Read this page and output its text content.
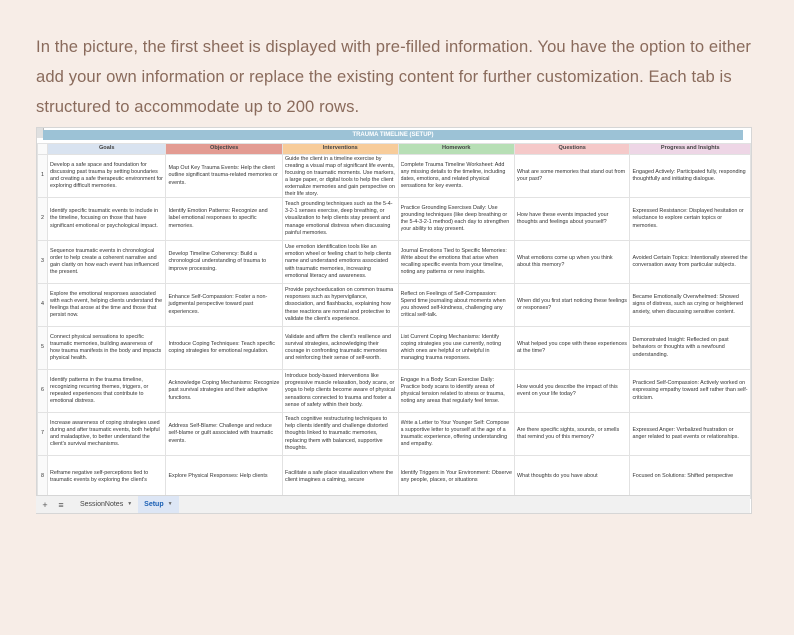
In the picture, the first sheet is displayed with pre-filled information. You have the option to either add your own information or replace the existing content for further customization. Each tab is structured to accommodate up to 200 rows.
TRAUMA TIMELINE (SETUP)
	Goals	Objectives	Interventions	Homework	Questions	Progress and Insights
1	Develop a safe space and foundation for discussing past trauma by setting boundaries and creating a safe therapeutic environment for exploring difficult memories.	Map Out Key Trauma Events: Help the client outline significant trauma-related memories or events.	Guide the client in a timeline exercise by creating a visual map of significant life events, focusing on traumatic moments. Use markers, a large paper, or digital tools to help the client externalize memories and gain perspective on their life story.	Complete Trauma Timeline Worksheet: Add any missing details to the timeline, including dates, emotions, and related physical sensations for key events.	What are some memories that stand out from your past?	Engaged Actively: Participated fully, responding thoughtfully and initiating dialogue.

2	Identify specific traumatic events to include in the timeline, focusing on those that have significant emotional or psychological impact.	Identify Emotion Patterns: Recognize and label emotional responses to specific memories.	Teach grounding techniques such as the 5-4-3-2-1 senses exercise, deep breathing, or visualization to help clients stay present and manage emotional distress when discussing painful memories.	Practice Grounding Exercises Daily: Use grounding techniques (like deep breathing or the 5-4-3-2-1 method) each day to strengthen your ability to stay present.	How have these events impacted your thoughts and feelings about yourself?	Expressed Resistance: Displayed hesitation or reluctance to explore certain topics or memories.

3	Sequence traumatic events in chronological order to help create a coherent narrative and gain clarity on how each event has influenced the present.	Develop Timeline Coherency: Build a chronological understanding of trauma to improve processing.	Use emotion identification tools like an emotion wheel or feeling chart to help clients name and understand emotions associated with traumatic memories, increasing emotional literacy and awareness.	Journal Emotions Tied to Specific Memories: Write about the emotions that arise when recalling specific events from your timeline, noting any patterns or new insights.	What emotions come up when you think about this memory?	Avoided Certain Topics: Intentionally steered the conversation away from particular subjects.

4	Explore the emotional responses associated with each event, helping clients understand the feelings that arose at the time and those that persist now.	Enhance Self-Compassion: Foster a non-judgmental perspective toward past experiences.	Provide psychoeducation on common trauma responses such as hypervigilance, dissociation, and flashbacks, explaining how these reactions are normal and protective to validate the client's experience.	Reflect on Feelings of Self-Compassion: Spend time journaling about moments when you showed self-kindness, challenging any critical self-talk.	When did you first start noticing these feelings or responses?	Became Emotionally Overwhelmed: Showed signs of distress, such as crying or heightened anxiety, when discussing sensitive content.

5	Connect physical sensations to specific traumatic memories, building awareness of how trauma manifests in the body and impacts physical health.	Introduce Coping Techniques: Teach specific coping strategies for emotional regulation.	Validate and affirm the client's resilience and survival strategies, acknowledging their courage in confronting traumatic memories and reinforcing their sense of self-worth.	List Current Coping Mechanisms: Identify coping strategies you use currently, noting which ones are helpful or unhelpful in managing trauma responses.	What helped you cope with these experiences at the time?	Demonstrated Insight: Reflected on past behaviors or thoughts with a newfound understanding.

6	Identify patterns in the trauma timeline, recognizing recurring themes, triggers, or repeated experiences that contribute to emotional distress.	Acknowledge Coping Mechanisms: Recognize past survival strategies and their adaptive functions.	Introduce body-based interventions like progressive muscle relaxation, body scans, or yoga to help clients become aware of physical sensations connected to trauma and foster a sense of safety within their body.	Engage in a Body Scan Exercise Daily: Practice body scans to identify areas of physical tension related to stress or trauma, noting any areas that regularly feel tense.	How would you describe the impact of this event on your life today?	Practiced Self-Compassion: Actively worked on expressing empathy toward self rather than self-criticism.

7	Increase awareness of coping strategies used during and after traumatic events, both helpful and maladaptive, to better understand the client's survival mechanisms.	Address Self-Blame: Challenge and reduce self-blame or guilt associated with traumatic events.	Teach cognitive restructuring techniques to help clients identify and challenge distorted thoughts linked to traumatic memories, replacing them with balanced, supportive thoughts.	Write a Letter to Your Younger Self: Compose a supportive letter to yourself at the age of a traumatic experience, offering understanding and empathy.	Are there specific sights, sounds, or smells that remind you of this memory?	Expressed Anger: Verbalized frustration or anger related to past events or relationships.

8	Reframe negative self-perceptions tied to traumatic events by exploring the client's	Explore Physical Responses: Help clients	Facilitate a safe place visualization where the client imagines a calming, secure	Identify Triggers in Your Environment: Observe any people, places, or situations	What thoughts do you have about	Focused on Solutions: Shifted perspective
+	≡	SessionNotes ▼ Setup ▼
